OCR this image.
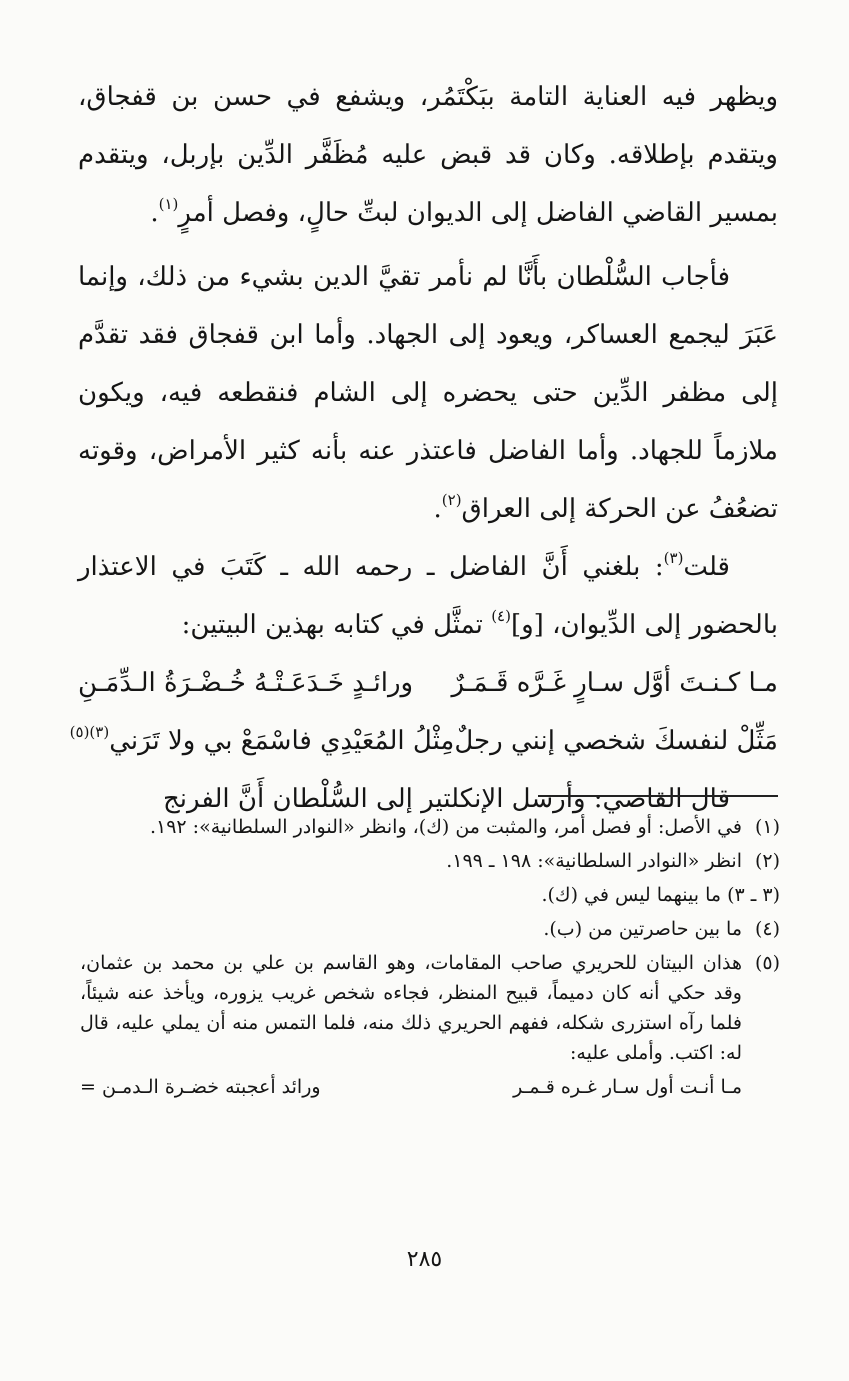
ويظهر فيه العناية التامة ببَكْتَمُر، ويشفع في حسن بن قفجاق، ويتقدم بإطلاقه. وكان قد قبض عليه مُظَفَّر الدِّين بإربل، ويتقدم بمسير القاضي الفاضل إلى الديوان لبتِّ حالٍ، وفصل أمرٍ$^{(١)}$.

فأجاب السُّلْطان بأَنَّا لم نأمر تقيَّ الدين بشيء من ذلك، وإنما عَبَرَ ليجمع العساكر، ويعود إلى الجهاد. وأما ابن قفجاق فقد تقدَّم إلى مظفر الدِّين حتى يحضره إلى الشام فنقطعه فيه، ويكون ملازماً للجهاد. وأما الفاضل فاعتذر عنه بأنه كثير الأمراض، وقوته تضعُفُ عن الحركة إلى العراق$^{(٢)}$.

قلت$^{(٣)}$: بلغني أَنَّ الفاضل ـ رحمه الله ـ كَتَبَ في الاعتذار بالحضور إلى الدِّيوان، [و]$^{(٤)}$ تمثَّل في كتابه بهذين البيتين:

مـا كـنـتَ أوَّل سـارٍ غَـرَّه قَـمَـرٌ
ورائـدٍ خَـدَعَـتْـهُ خُـضْـرَةُ الـدِّمَـنِ
مَثِّلْ لنفسكَ شخصي إنني رجلٌ
مِثْلُ المُعَيْدِي فاسْمَعْ بي ولا تَرَني$^{(٣)(٥)}$

قال القاضي: وأرسل الإنكلتير إلى السُّلْطان أَنَّ الفرنج

(١)
في الأصل: أو فصل أمر، والمثبت من (ك)، وانظر «النوادر السلطانية»: ١٩٢.
(٢)
انظر «النوادر السلطانية»: ١٩٨ ـ ١٩٩.
(٣ ـ ٣)
ما بينهما ليس في (ك).
(٤)
ما بين حاصرتين من (ب).
(٥)
هذان البيتان للحريري صاحب المقامات، وهو القاسم بن علي بن محمد بن عثمان، وقد حكي أنه كان دميماً، قبيح المنظر، فجاءه شخص غريب يزوره، ويأخذ عنه شيئاً، فلما رآه استزرى شكله، ففهم الحريري ذلك منه، فلما التمس منه أن يملي عليه، قال له: اكتب. وأملى عليه:
مـا أنـت أول سـار غـره قـمـر
ورائد أعجبته خضـرة الـدمـن =
٢٨٥
